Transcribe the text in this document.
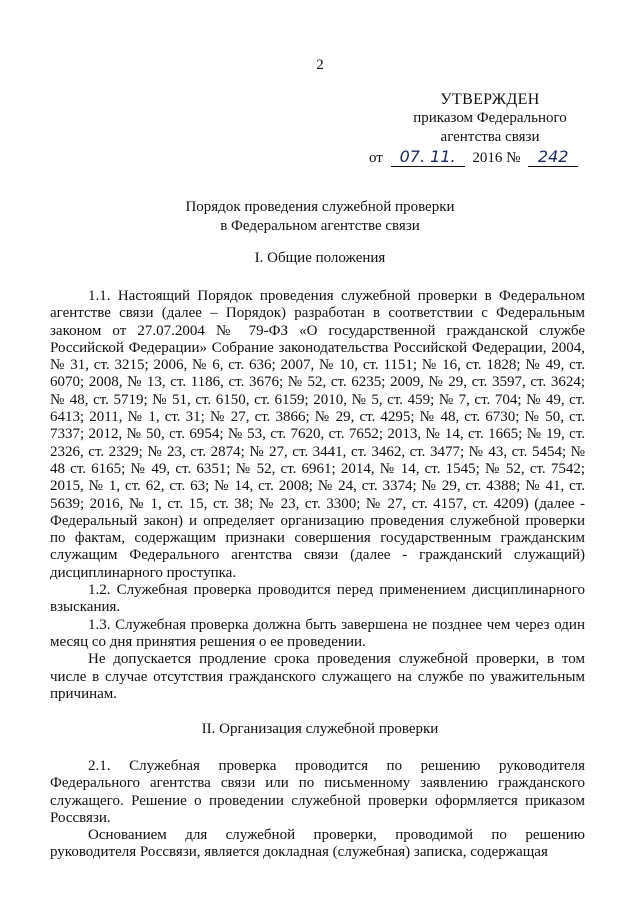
2
УТВЕРЖДЕН
приказом Федерального
агентства связи
от 07. 11. 2016 № 242
Порядок проведения служебной проверки
в Федеральном агентстве связи
I. Общие положения

1.1. Настоящий Порядок проведения служебной проверки в Федеральном агентстве связи (далее – Порядок) разработан в соответствии с Федеральным законом от 27.07.2004 № 79-ФЗ «О государственной гражданской службе Российской Федерации» Собрание законодательства Российской Федерации, 2004, № 31, ст. 3215; 2006, № 6, ст. 636; 2007, № 10, ст. 1151; № 16, ст. 1828; № 49, ст. 6070; 2008, № 13, ст. 1186, ст. 3676; № 52, ст. 6235; 2009, № 29, ст. 3597, ст. 3624; № 48, ст. 5719; № 51, ст. 6150, ст. 6159; 2010, № 5, ст. 459; № 7, ст. 704; № 49, ст. 6413; 2011, № 1, ст. 31; № 27, ст. 3866; № 29, ст. 4295; № 48, ст. 6730; № 50, ст. 7337; 2012, № 50, ст. 6954; № 53, ст. 7620, ст. 7652; 2013, № 14, ст. 1665; № 19, ст. 2326, ст. 2329; № 23, ст. 2874; № 27, ст. 3441, ст. 3462, ст. 3477; № 43, ст. 5454; № 48 ст. 6165; № 49, ст. 6351; № 52, ст. 6961; 2014, № 14, ст. 1545; № 52, ст. 7542; 2015, № 1, ст. 62, ст. 63; № 14, ст. 2008; № 24, ст. 3374; № 29, ст. 4388; № 41, ст. 5639; 2016, № 1, ст. 15, ст. 38; № 23, ст. 3300; № 27, ст. 4157, ст. 4209) (далее - Федеральный закон) и определяет организацию проведения служебной проверки по фактам, содержащим признаки совершения государственным гражданским служащим Федерального агентства связи (далее - гражданский служащий) дисциплинарного проступка.

1.2. Служебная проверка проводится перед применением дисциплинарного взыскания.

1.3. Служебная проверка должна быть завершена не позднее чем через один месяц со дня принятия решения о ее проведении.

Не допускается продление срока проведения служебной проверки, в том числе в случае отсутствия гражданского служащего на службе по уважительным причинам.

II. Организация служебной проверки

2.1. Служебная проверка проводится по решению руководителя Федерального агентства связи или по письменному заявлению гражданского служащего. Решение о проведении служебной проверки оформляется приказом Россвязи.

Основанием для служебной проверки, проводимой по решению руководителя Россвязи, является докладная (служебная) записка, содержащая
